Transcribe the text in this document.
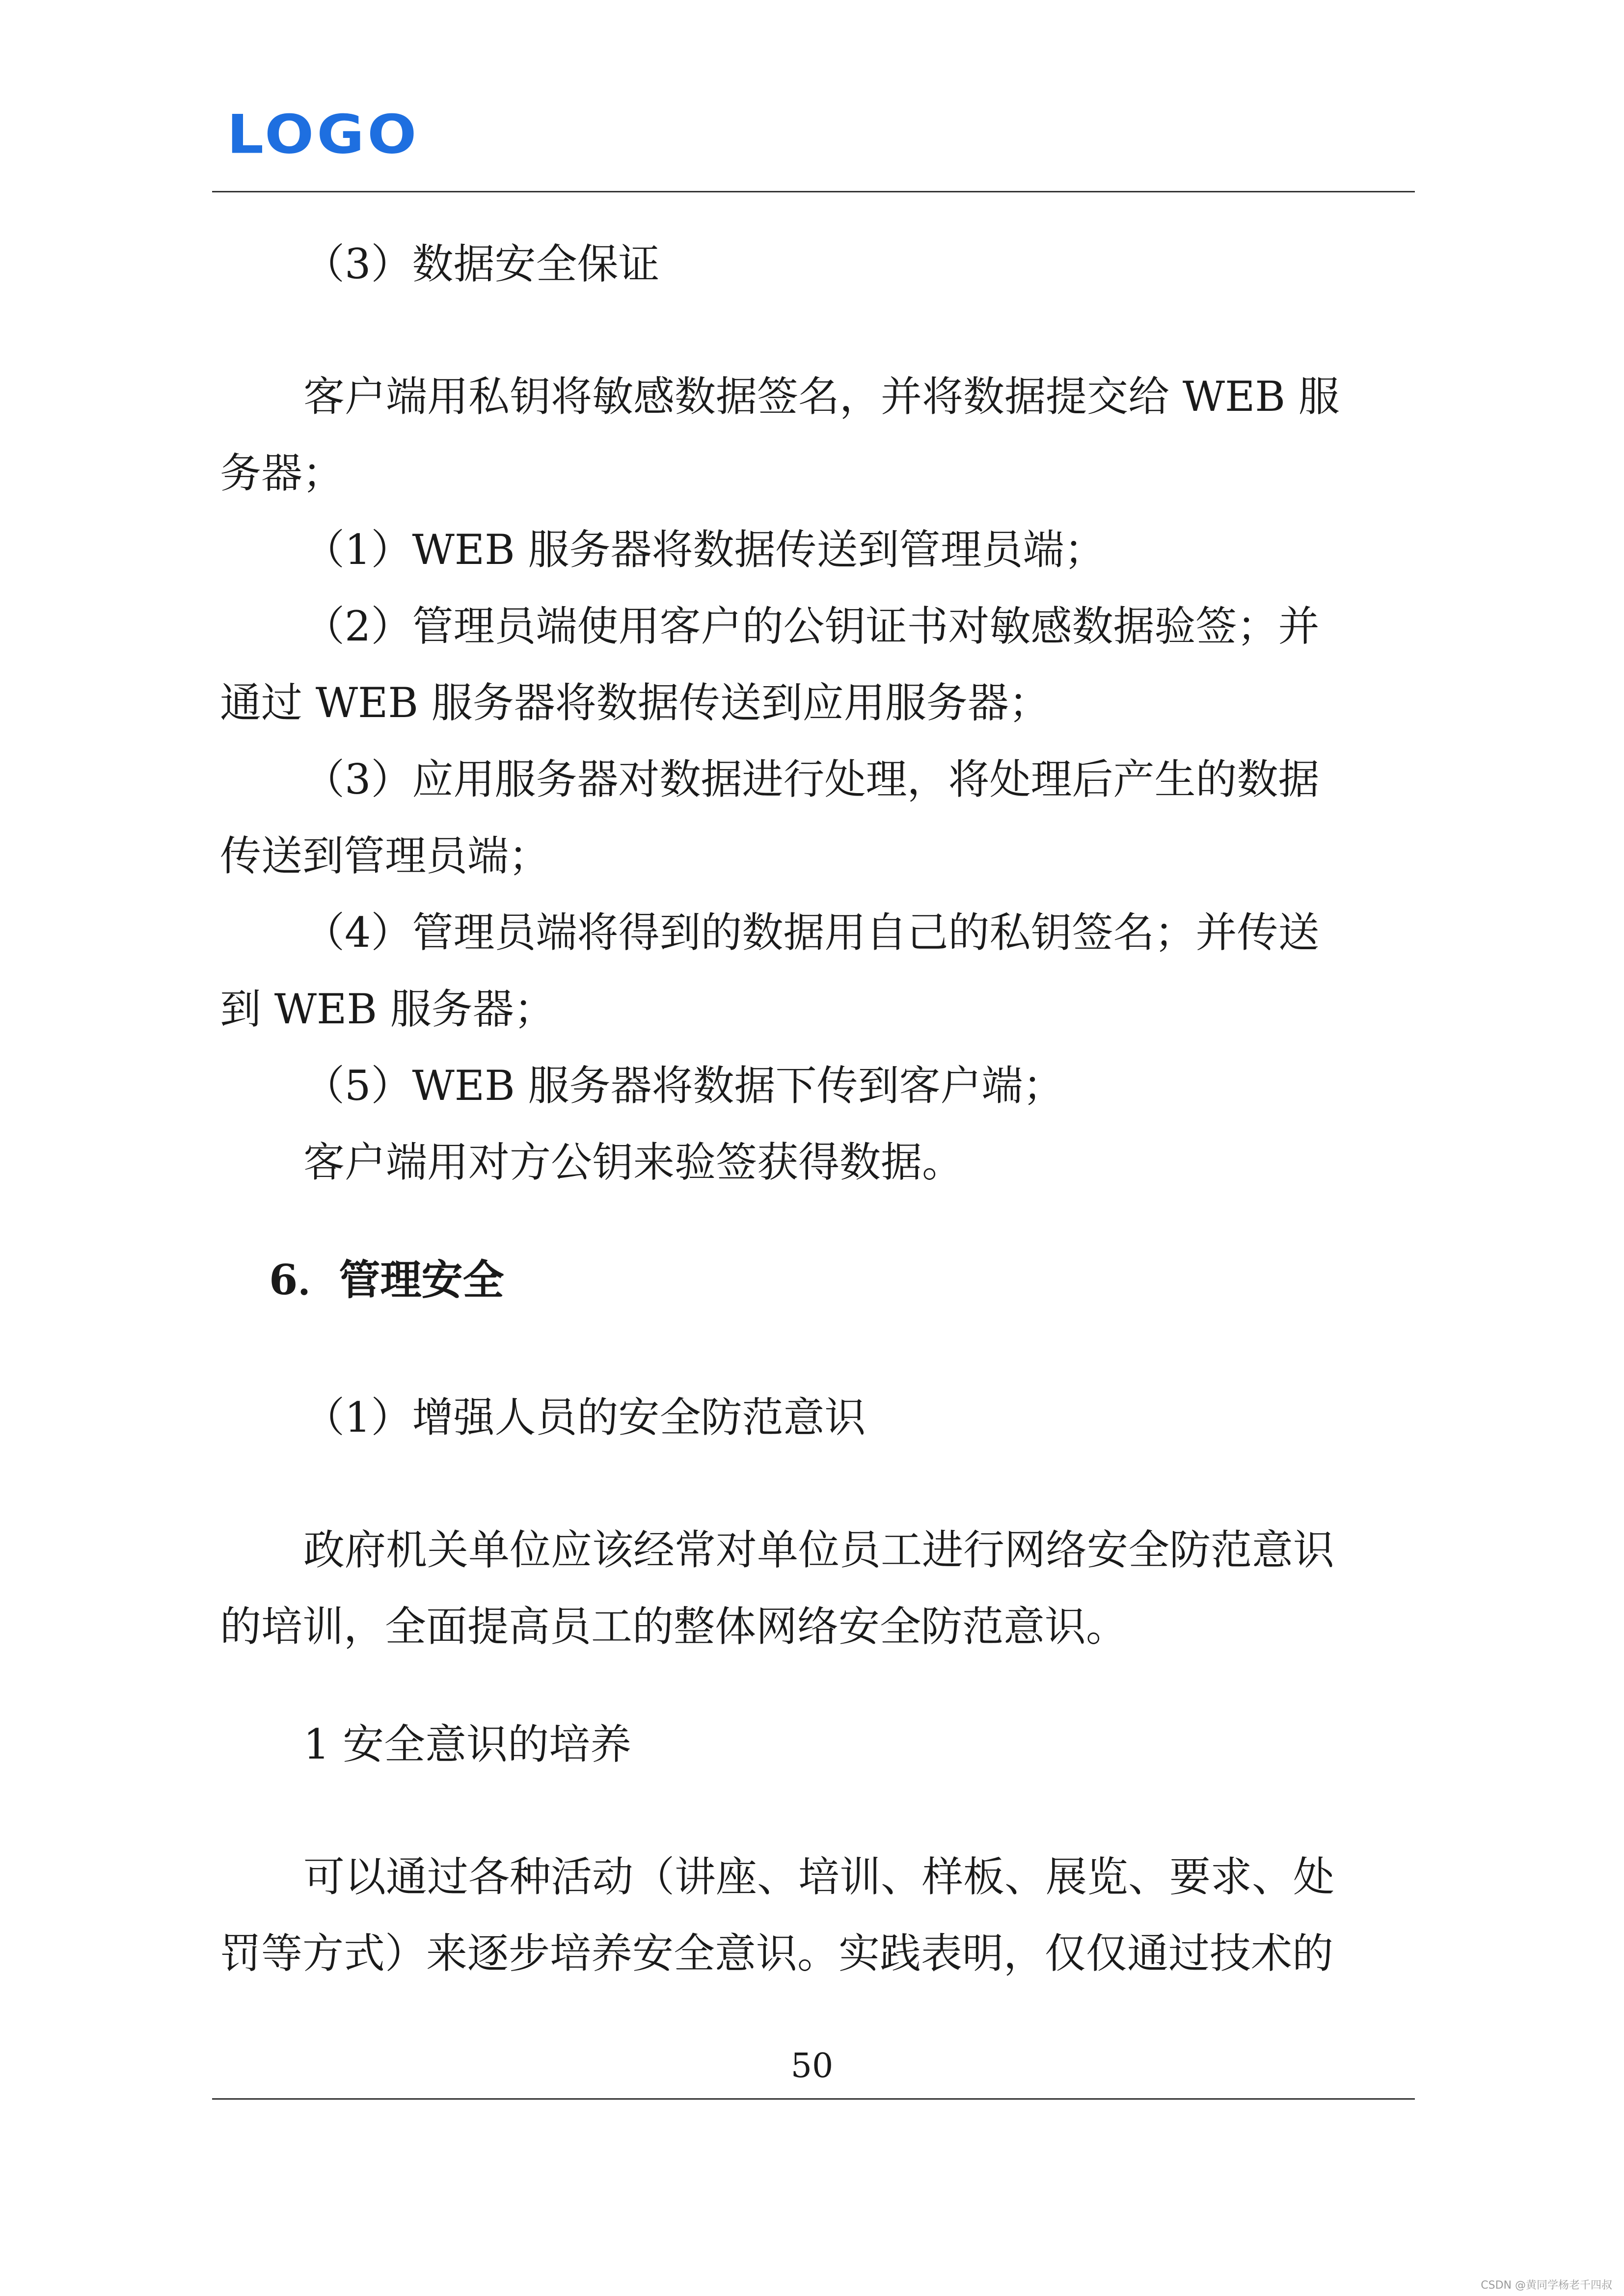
LOGO
（3）数据安全保证
客户端用私钥将敏感数据签名，并将数据提交给 WEB 服
务器；
（1）WEB 服务器将数据传送到管理员端；
（2）管理员端使用客户的公钥证书对敏感数据验签；并
通过 WEB 服务器将数据传送到应用服务器；
（3）应用服务器对数据进行处理，将处理后产生的数据
传送到管理员端；
（4）管理员端将得到的数据用自己的私钥签名；并传送
到 WEB 服务器；
（5）WEB 服务器将数据下传到客户端；
客户端用对方公钥来验签获得数据。
6．管理安全
（1）增强人员的安全防范意识
政府机关单位应该经常对单位员工进行网络安全防范意识
的培训，全面提高员工的整体网络安全防范意识。
1 安全意识的培养
可以通过各种活动（讲座、培训、样板、展览、要求、处
罚等方式）来逐步培养安全意识。实践表明，仅仅通过技术的
50
CSDN @黄同学杨老千四叔
